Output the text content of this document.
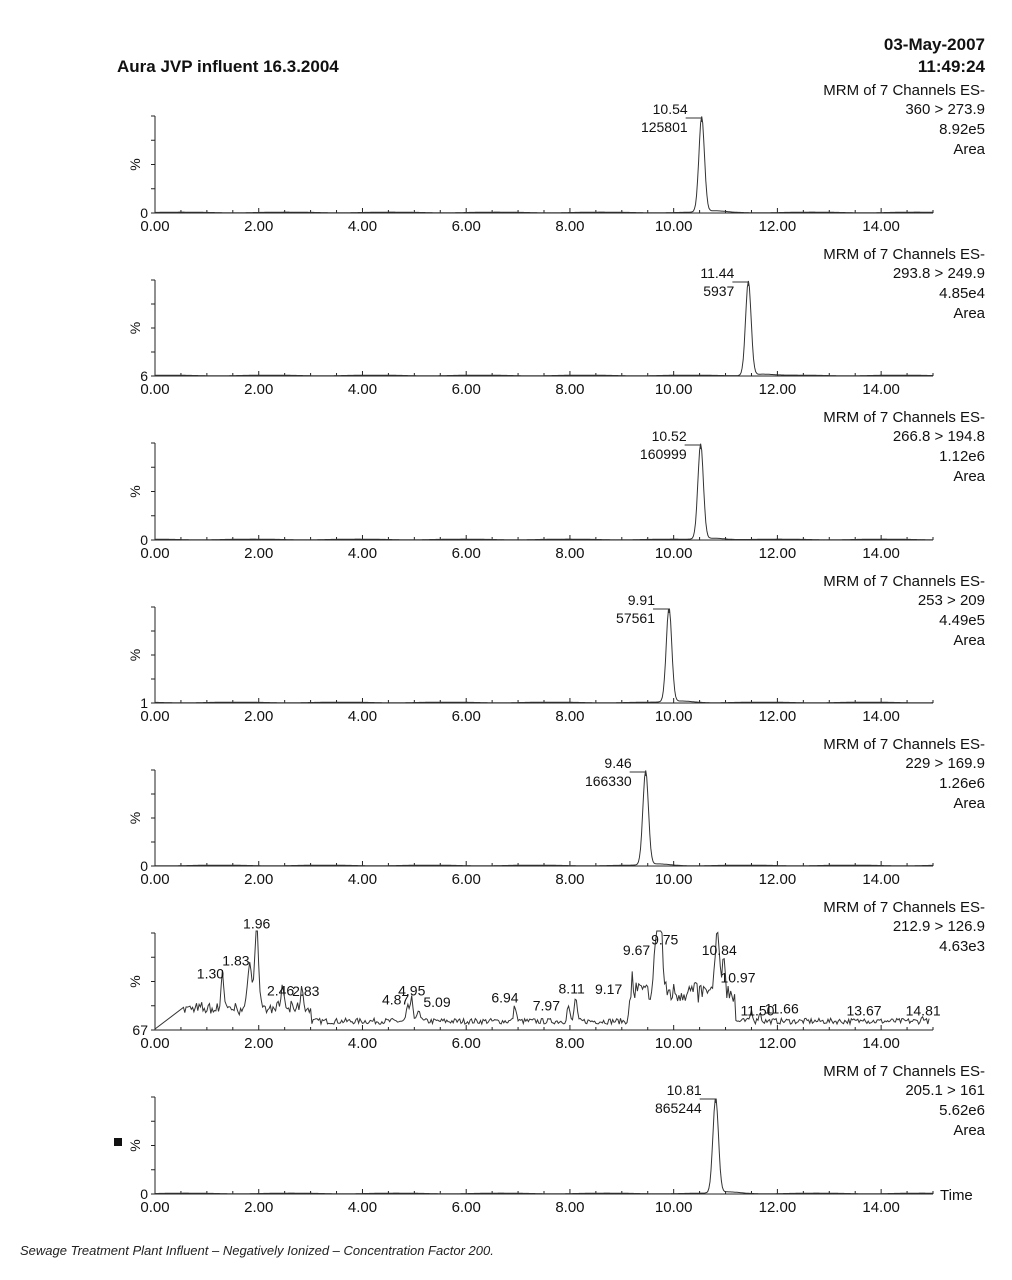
Aura JVP influent 16.3.2004
03-May-2007
11:49:24
MRM of 7 Channels ES-
360 > 273.9
8.92e5
Area
0
%
0.00	2.00	4.00	6.00	8.00	10.00	12.00	14.00
10.54
125801
MRM of 7 Channels ES-
293.8 > 249.9
4.85e4
Area
6
%
0.00	2.00	4.00	6.00	8.00	10.00	12.00	14.00
11.44
5937
MRM of 7 Channels ES-
266.8 > 194.8
1.12e6
Area
0
%
0.00	2.00	4.00	6.00	8.00	10.00	12.00	14.00
10.52
160999
MRM of 7 Channels ES-
253 > 209
4.49e5
Area
1
%
0.00	2.00	4.00	6.00	8.00	10.00	12.00	14.00
9.91
57561
MRM of 7 Channels ES-
229 > 169.9
1.26e6
Area
0
%
0.00	2.00	4.00	6.00	8.00	10.00	12.00	14.00
9.46
166330
MRM of 7 Channels ES-
212.9 > 126.9
4.63e3
67
%
0.00	2.00	4.00	6.00	8.00	10.00	12.00	14.00
1.30
1.83
1.96
2.46
2.83
4.87
4.95
5.09	6.94 7.97
8.11 9.17
9.67
9.75
10.84
10.97
11.50
11.66	13.67 14.81
MRM of 7 Channels ES-
205.1 > 161
5.62e6
Area
0
%
0.00	2.00	4.00	6.00	8.00	10.00	12.00	14.00
10.81
865244
Time
Sewage Treatment Plant Influent – Negatively Ionized – Concentration Factor 200.
